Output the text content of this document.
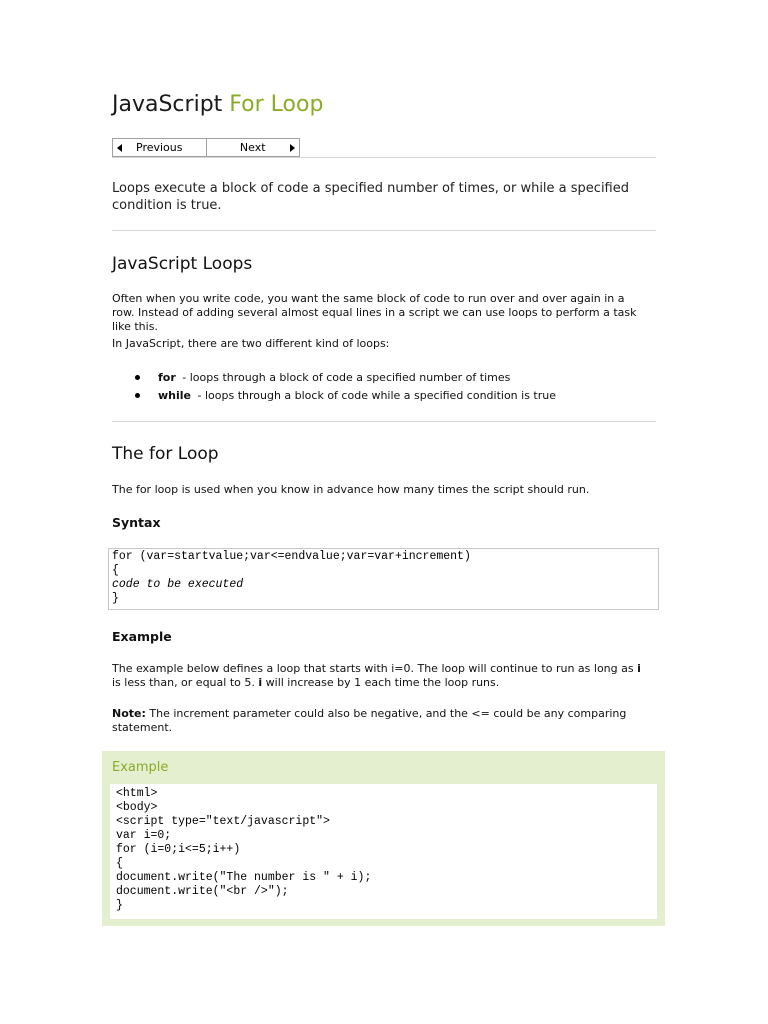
JavaScript For Loop
Previous	Next

Loops execute a block of code a specified number of times, or while a specified condition is true.

JavaScript Loops

Often when you write code, you want the same block of code to run over and over again in a row. Instead of adding several almost equal lines in a script we can use loops to perform a task like this.

In JavaScript, there are two different kind of loops:

for - loops through a block of code a specified number of times
while - loops through a block of code while a specified condition is true
The for Loop

The for loop is used when you know in advance how many times the script should run.

Syntax
for (var=startvalue;var<=endvalue;var=var+increment)
{
code to be executed
}
Example

The example below defines a loop that starts with i=0. The loop will continue to run as long as i is less than, or equal to 5. i will increase by 1 each time the loop runs.

Note: The increment parameter could also be negative, and the <= could be any comparing statement.

Example
<html>
<body>
<script type="text/javascript">
var i=0;
for (i=0;i<=5;i++)
{
document.write("The number is " + i);
document.write("<br />");
}
